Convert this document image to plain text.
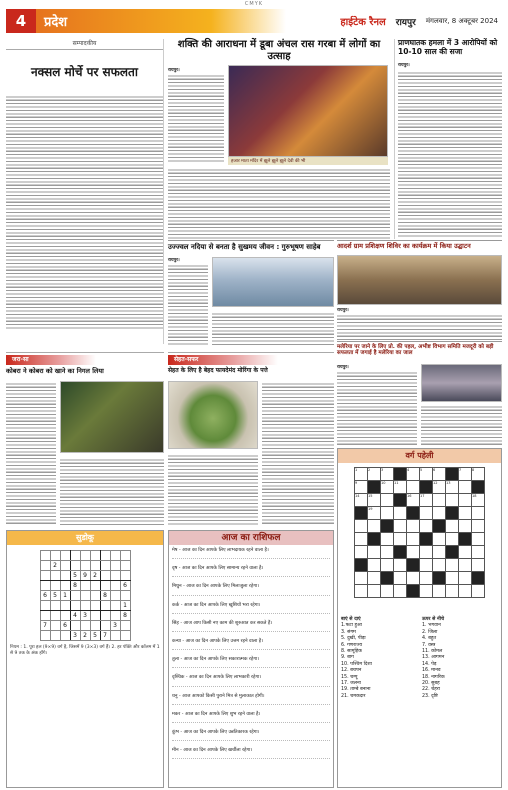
CMYK
4	प्रदेश	हाईटेक रैनल रायपुर मंगलवार, 8 अक्टूबर 2024
सम्पादकीय
नक्सल मोर्चे पर सफलता
शक्ति की आराधना में डूबा अंचल रास गरबा में लोगों का उत्साह
हजार माता मंदिर में झूले झूले झूले देवी की भी
रायपुर।
प्राणघातक हमला में 3 आरोपियों को 10-10 साल की सजा
रायपुर।
उज्ज्वल नदिया से बनता है सुखमय जीवन : गुरुभूषण साहेब
रायपुर।
आदर्श ग्राम प्रशिक्षण शिविर का कार्यक्रम में किया उद्घाटन
रायपुर।
मलेरिया पर जाने के लिए प्रो. की पहल, अभीष्ट विभाग समिति मजदूरी को बड़ी सफलता में जगाई है मलेरिया का जाल
रायपुर।
जरा-सा
कोबरा ने कोबरा को खाने का निगल लिया
सेहत-सफर
सेहत के लिए है बेहद फायदेमंद मोरिंगा के पत्ते
वर्ग पहेली
1	2	3		4	5	6		7	8
9		10	11			12	13		
14	15			16	17				18
	19								

बाएं से दाएं
1.फटा हुआ
3. संगम
5. दुखी, पीड़ा
6. गणराज्य
8. सामूहिक
9. बाग
10. पश्चिम दिशा
12. बचपन
15. चम्पू
17. जलना
19. ताम्बे बनाना
21. चमकदार
ऊपर से नीचे
1. भगवान
2. जिला
4. बहुत
7. वस्त्र
11. कोमल
13. आगमन
14. पेड़
16. मानव
18. नागरिक
20. सुबह
22. चेहरा
23. दृष्टि
सुडोकू

	2							
			5	9	2			
			8					6
6	5	1				8		
								1
			4	3				8
7		6					3	
			3	2	5	7		
नियम : 1. पूरा हल (9×9) वर्ग है, जिसमें 9 (3×3) वर्ग हैं। 2. हर पंक्ति और कॉलम में 1 से 9 तक के अंक होंगे।
आज का राशिफल
मेष - आज का दिन आपके लिए लाभदायक रहने वाला है।
वृष - आज का दिन आपके लिए सामान्य रहने वाला है।
मिथुन - आज का दिन आपके लिए मिलाजुला रहेगा।
कर्क - आज का दिन आपके लिए खुशियों भरा रहेगा।
सिंह - आज आप किसी नए काम की शुरुआत कर सकते हैं।
कन्या - आज का दिन आपके लिए उत्तम रहने वाला है।
तुला - आज का दिन आपके लिए सकारात्मक रहेगा।
वृश्चिक - आज का दिन आपके लिए लाभकारी रहेगा।
धनु - आज आपको किसी पुराने मित्र से मुलाकात होगी।
मकर - आज का दिन आपके लिए शुभ रहने वाला है।
कुंभ - आज का दिन आपके लिए उन्नतिकारक रहेगा।
मीन - आज का दिन आपके लिए खर्चीला रहेगा।
